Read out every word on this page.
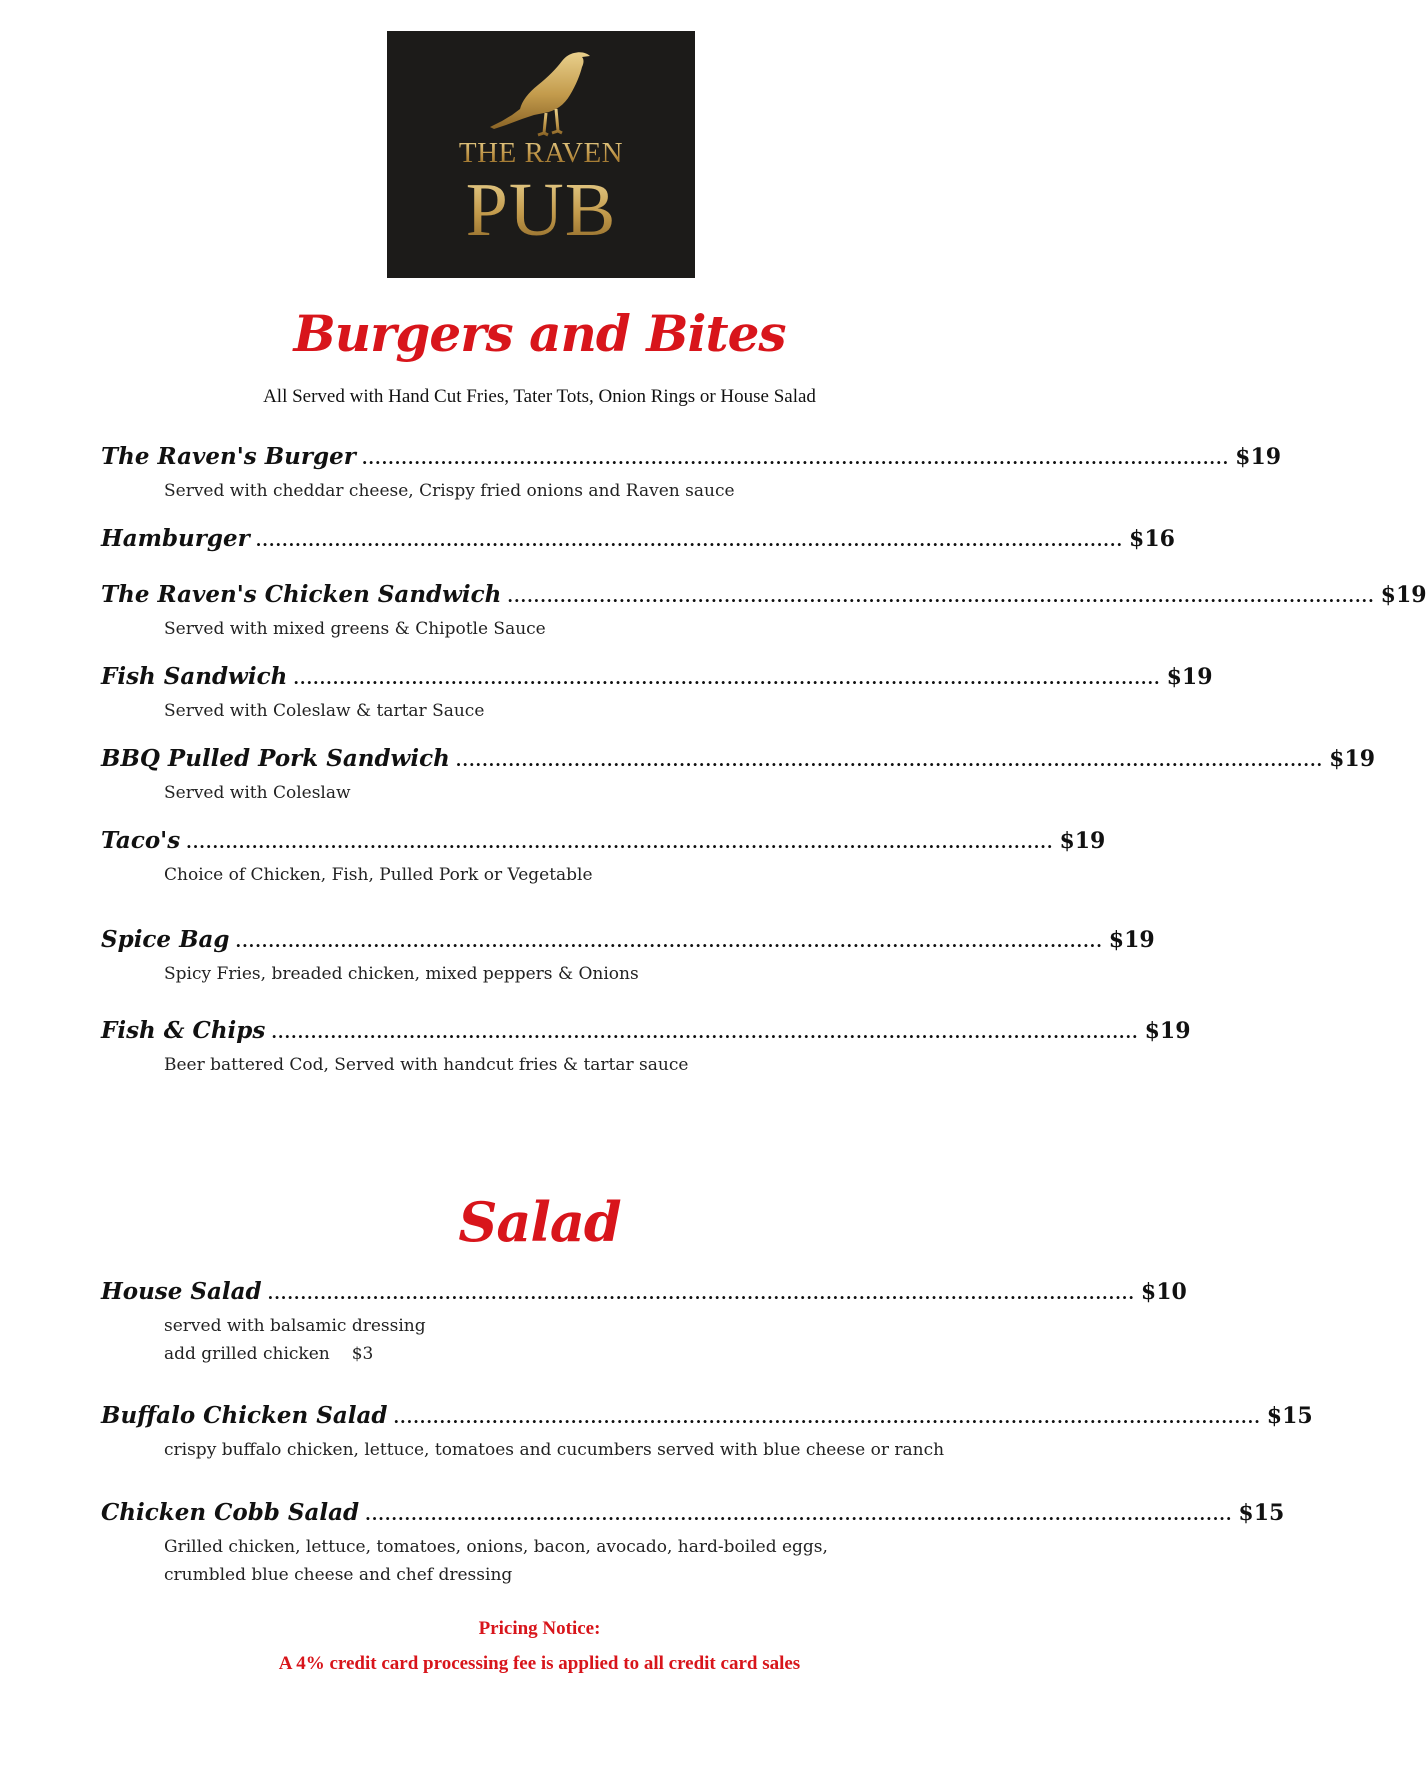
THE RAVEN
PUB
Burgers and Bites
All Served with Hand Cut Fries, Tater Tots, Onion Rings or House Salad
The Raven's Burger .................................................................................................................................... $19
Served with cheddar cheese, Crispy fried onions and Raven sauce
Hamburger .................................................................................................................................... $16
The Raven's Chicken Sandwich .................................................................................................................................... $19
Served with mixed greens & Chipotle Sauce
Fish Sandwich .................................................................................................................................... $19
Served with Coleslaw & tartar Sauce
BBQ Pulled Pork Sandwich .................................................................................................................................... $19
Served with Coleslaw
Taco's .................................................................................................................................... $19
Choice of Chicken, Fish, Pulled Pork or Vegetable
Spice Bag .................................................................................................................................... $19
Spicy Fries, breaded chicken, mixed peppers & Onions
Fish & Chips .................................................................................................................................... $19
Beer battered Cod, Served with handcut fries & tartar sauce
Salad
House Salad .................................................................................................................................... $10
served with balsamic dressing
add grilled chicken $3
Buffalo Chicken Salad .................................................................................................................................... $15
crispy buffalo chicken, lettuce, tomatoes and cucumbers served with blue cheese or ranch
Chicken Cobb Salad .................................................................................................................................... $15
Grilled chicken, lettuce, tomatoes, onions, bacon, avocado, hard-boiled eggs,
crumbled blue cheese and chef dressing
Pricing Notice:
A 4% credit card processing fee is applied to all credit card sales
